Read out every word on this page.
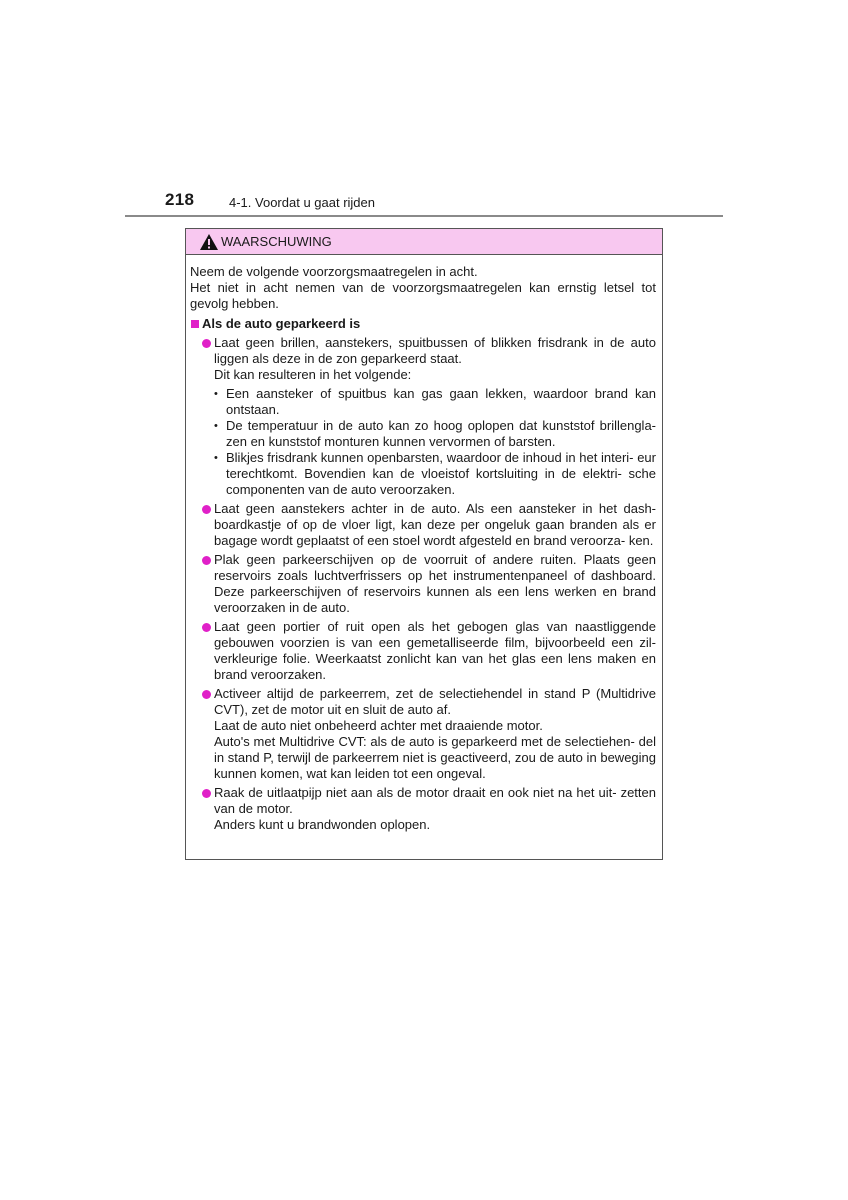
218	4-1. Voordat u gaat rijden
WAARSCHUWING

Neem de volgende voorzorgsmaatregelen in acht.

Het niet in acht nemen van de voorzorgsmaatregelen kan ernstig letsel tot gevolg hebben.

Als de auto geparkeerd is

Laat geen brillen, aanstekers, spuitbussen of blikken frisdrank in de auto liggen als deze in de zon geparkeerd staat.

Dit kan resulteren in het volgende:

• Een aansteker of spuitbus kan gas gaan lekken, waardoor brand kan ontstaan.
• De temperatuur in de auto kan zo hoog oplopen dat kunststof brillengla- zen en kunststof monturen kunnen vervormen of barsten.
• Blikjes frisdrank kunnen openbarsten, waardoor de inhoud in het interi- eur terechtkomt. Bovendien kan de vloeistof kortsluiting in de elektri- sche componenten van de auto veroorzaken.

Laat geen aanstekers achter in de auto. Als een aansteker in het dash- boardkastje of op de vloer ligt, kan deze per ongeluk gaan branden als er bagage wordt geplaatst of een stoel wordt afgesteld en brand veroorza- ken.

Plak geen parkeerschijven op de voorruit of andere ruiten. Plaats geen reservoirs zoals luchtverfrissers op het instrumentenpaneel of dashboard. Deze parkeerschijven of reservoirs kunnen als een lens werken en brand veroorzaken in de auto.

Laat geen portier of ruit open als het gebogen glas van naastliggende gebouwen voorzien is van een gemetalliseerde film, bijvoorbeeld een zil- verkleurige folie. Weerkaatst zonlicht kan van het glas een lens maken en brand veroorzaken.

Activeer altijd de parkeerrem, zet de selectiehendel in stand P (Multidrive CVT), zet de motor uit en sluit de auto af.

Laat de auto niet onbeheerd achter met draaiende motor.

Auto's met Multidrive CVT: als de auto is geparkeerd met de selectiehen- del in stand P, terwijl de parkeerrem niet is geactiveerd, zou de auto in beweging kunnen komen, wat kan leiden tot een ongeval.

Raak de uitlaatpijp niet aan als de motor draait en ook niet na het uit- zetten van de motor.

Anders kunt u brandwonden oplopen.
